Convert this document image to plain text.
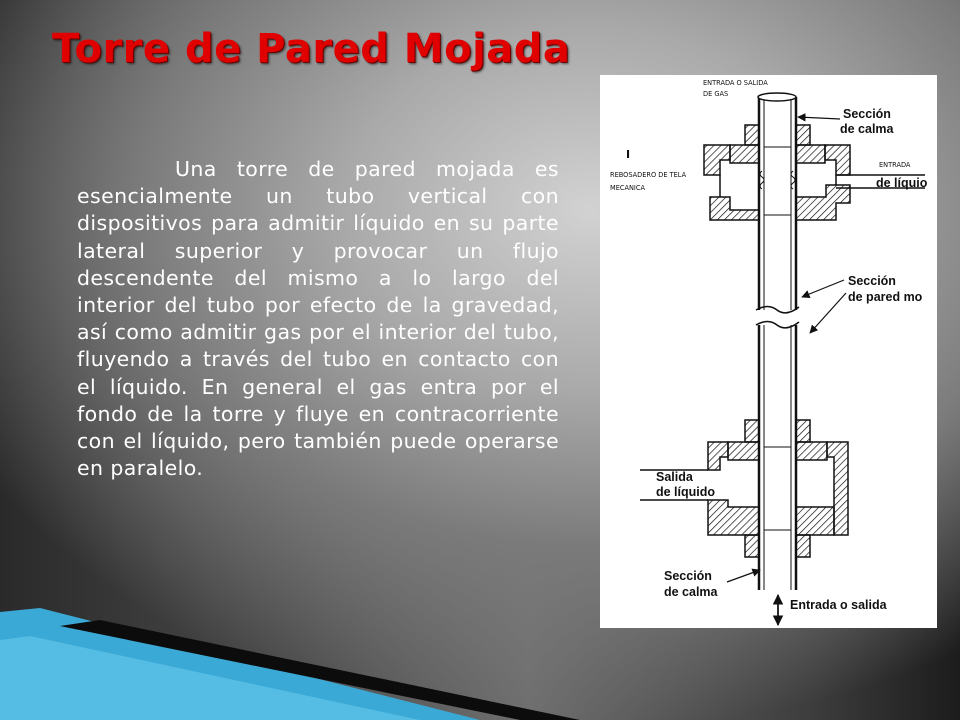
Torre de Pared Mojada

Una torre de pared mojada es esencialmente un tubo vertical con dispositivos para admitir líquido en su parte lateral superior y provocar un flujo descendente del mismo a lo largo del interior del tubo por efecto de la gravedad, así como admitir gas por el interior del tubo, fluyendo a través del tubo en contacto con el líquido. En general el gas entra por el fondo de la torre y fluye en contracorriente con el líquido, pero también puede operarse en paralelo.

ENTRADA O SALIDA
DE GAS
I
REBOSADERO DE TELA
MECANICA
Sección
de calma
ENTRADA
de líquio
Sección
de pared mo
Salida
de líquido
Sección
de calma
Entrada o salida
